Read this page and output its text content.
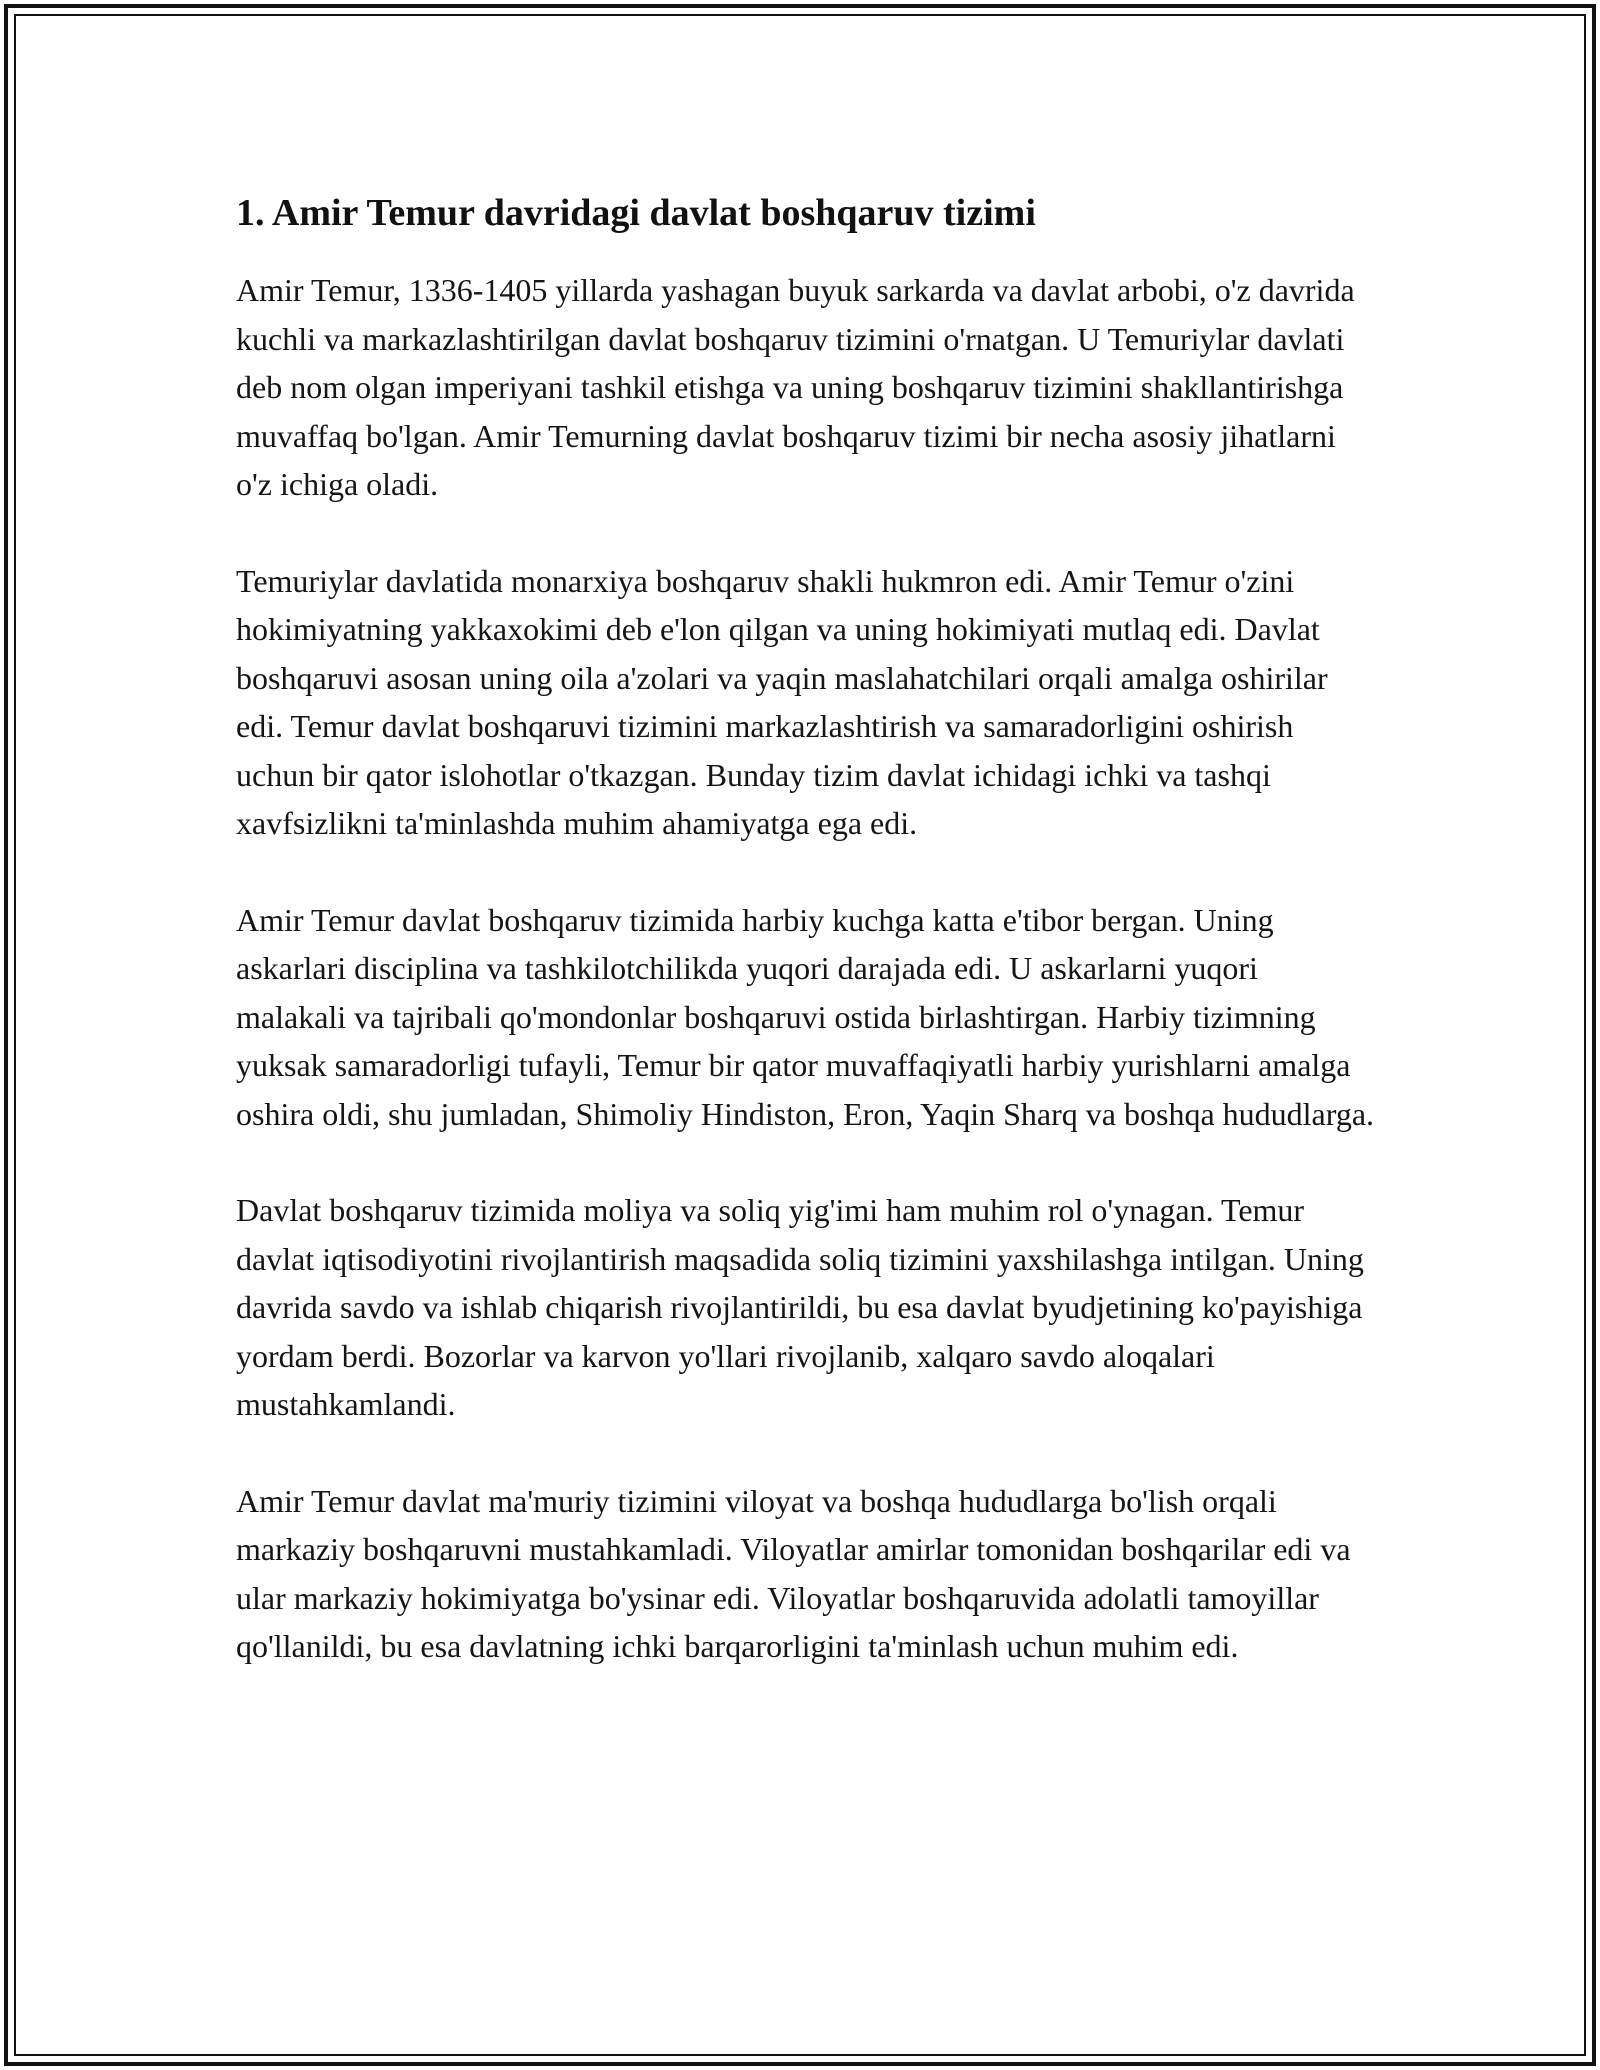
1. Amir Temur davridagi davlat boshqaruv tizimi

Amir Temur, 1336-1405 yillarda yashagan buyuk sarkarda va davlat arbobi, o'z davrida kuchli va markazlashtirilgan davlat boshqaruv tizimini o'rnatgan. U Temuriylar davlati deb nom olgan imperiyani tashkil etishga va uning boshqaruv tizimini shakllantirishga muvaffaq bo'lgan. Amir Temurning davlat boshqaruv tizimi bir necha asosiy jihatlarni o'z ichiga oladi.

Temuriylar davlatida monarxiya boshqaruv shakli hukmron edi. Amir Temur o'zini hokimiyatning yakkaxokimi deb e'lon qilgan va uning hokimiyati mutlaq edi. Davlat boshqaruvi asosan uning oila a'zolari va yaqin maslahatchilari orqali amalga oshirilar edi. Temur davlat boshqaruvi tizimini markazlashtirish va samaradorligini oshirish uchun bir qator islohotlar o'tkazgan. Bunday tizim davlat ichidagi ichki va tashqi xavfsizlikni ta'minlashda muhim ahamiyatga ega edi.

Amir Temur davlat boshqaruv tizimida harbiy kuchga katta e'tibor bergan. Uning askarlari disciplina va tashkilotchilikda yuqori darajada edi. U askarlarni yuqori malakali va tajribali qo'mondonlar boshqaruvi ostida birlashtirgan. Harbiy tizimning yuksak samaradorligi tufayli, Temur bir qator muvaffaqiyatli harbiy yurishlarni amalga oshira oldi, shu jumladan, Shimoliy Hindiston, Eron, Yaqin Sharq va boshqa hududlarga.

Davlat boshqaruv tizimida moliya va soliq yig'imi ham muhim rol o'ynagan. Temur davlat iqtisodiyotini rivojlantirish maqsadida soliq tizimini yaxshilashga intilgan. Uning davrida savdo va ishlab chiqarish rivojlantirildi, bu esa davlat byudjetining ko'payishiga yordam berdi. Bozorlar va karvon yo'llari rivojlanib, xalqaro savdo aloqalari mustahkamlandi.

Amir Temur davlat ma'muriy tizimini viloyat va boshqa hududlarga bo'lish orqali markaziy boshqaruvni mustahkamladi. Viloyatlar amirlar tomonidan boshqarilar edi va ular markaziy hokimiyatga bo'ysinar edi. Viloyatlar boshqaruvida adolatli tamoyillar qo'llanildi, bu esa davlatning ichki barqarorligini ta'minlash uchun muhim edi.
